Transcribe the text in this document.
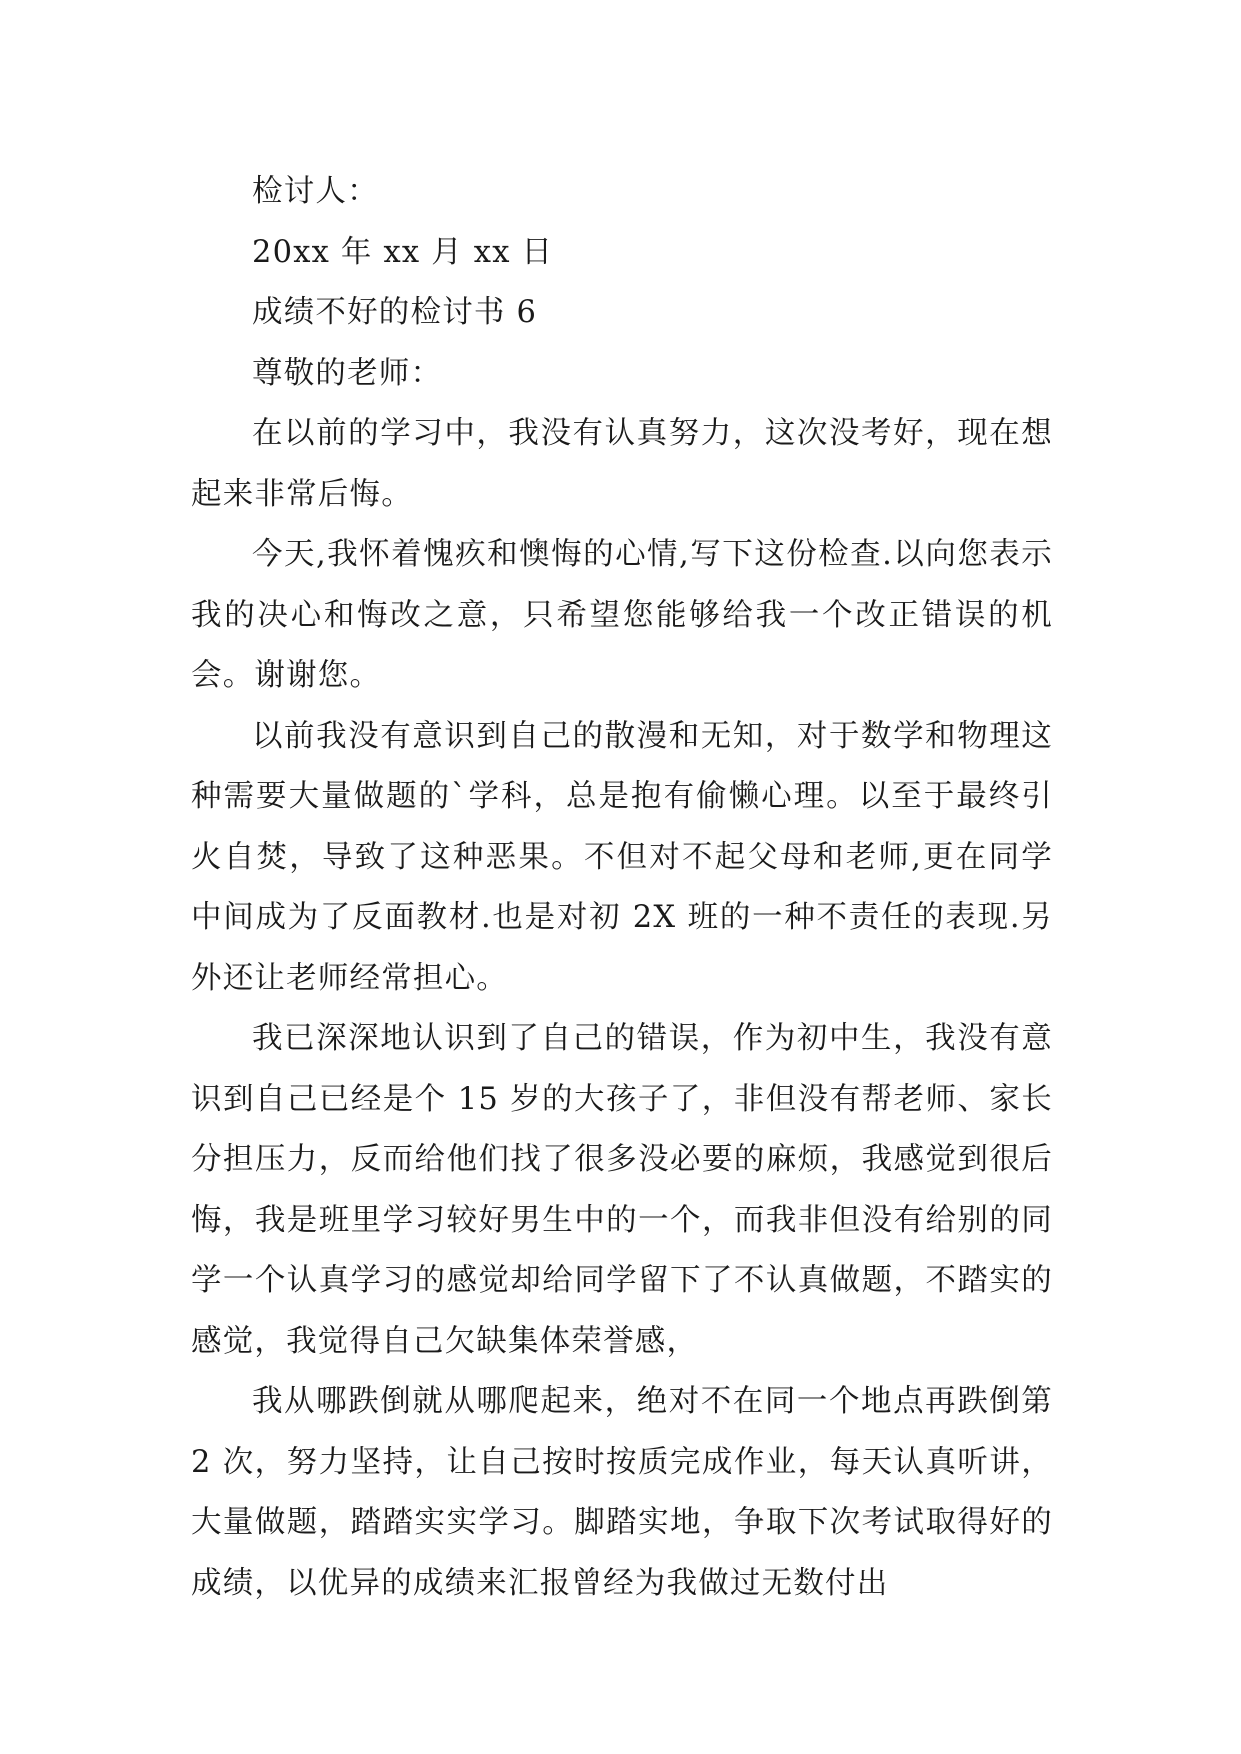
检讨人：

20xx 年 xx 月 xx 日

成绩不好的检讨书 6

尊敬的老师：

在以前的学习中，我没有认真努力，这次没考好，现在想起来非常后悔。

今天,我怀着愧疚和懊悔的心情,写下这份检查.以向您表示我的决心和悔改之意，只希望您能够给我一个改正错误的机会。谢谢您。

以前我没有意识到自己的散漫和无知，对于数学和物理这种需要大量做题的`学科，总是抱有偷懒心理。以至于最终引火自焚，导致了这种恶果。不但对不起父母和老师,更在同学中间成为了反面教材.也是对初 2X 班的一种不责任的表现.另外还让老师经常担心。

我已深深地认识到了自己的错误，作为初中生，我没有意识到自己已经是个 15 岁的大孩子了，非但没有帮老师、家长分担压力，反而给他们找了很多没必要的麻烦，我感觉到很后悔，我是班里学习较好男生中的一个，而我非但没有给别的同学一个认真学习的感觉却给同学留下了不认真做题，不踏实的感觉，我觉得自己欠缺集体荣誉感，

我从哪跌倒就从哪爬起来，绝对不在同一个地点再跌倒第 2 次，努力坚持，让自己按时按质完成作业，每天认真听讲，大量做题，踏踏实实学习。脚踏实地，争取下次考试取得好的成绩，以优异的成绩来汇报曾经为我做过无数付出
